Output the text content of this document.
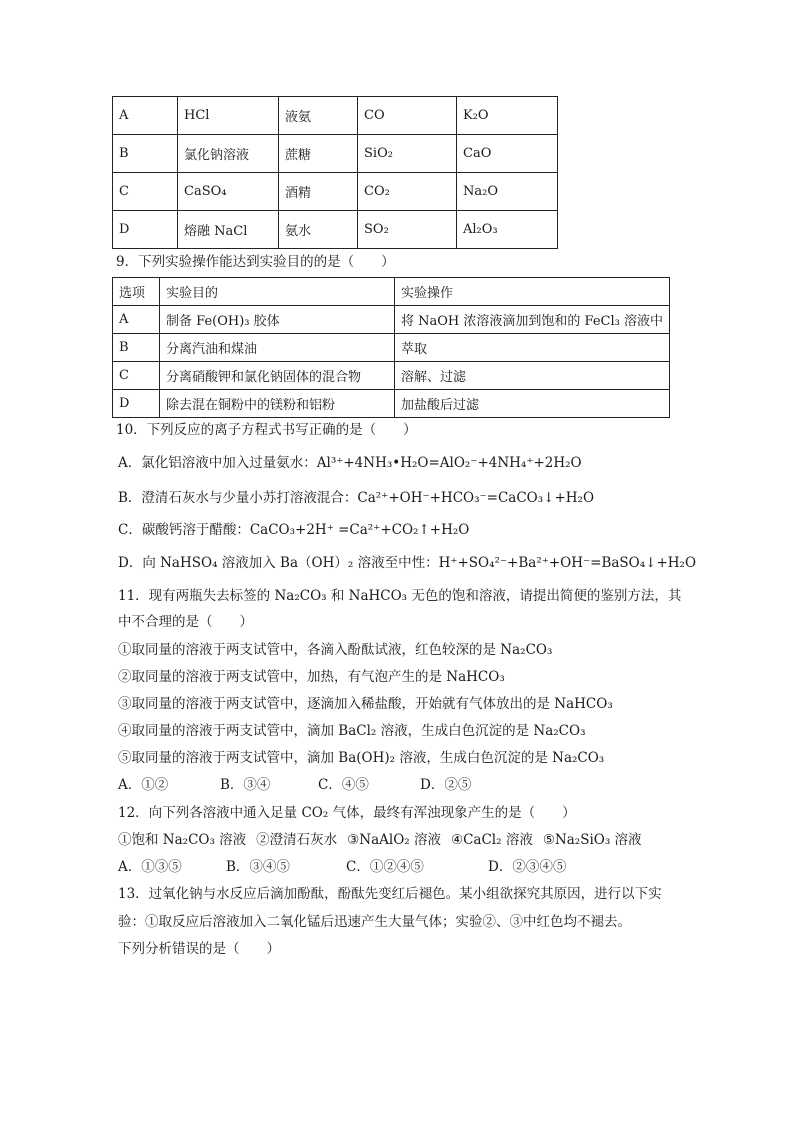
A	HCl	液氨	CO	K₂O
B	氯化钠溶液	蔗糖	SiO₂	CaO
C	CaSO₄	酒精	CO₂	Na₂O
D	熔融 NaCl	氨水	SO₂	Al₂O₃
9．下列实验操作能达到实验目的的是（　　）
选项	实验目的	实验操作
A	制备 Fe(OH)₃ 胶体	将 NaOH 浓溶液滴加到饱和的 FeCl₃ 溶液中
B	分离汽油和煤油	萃取
C	分离硝酸钾和氯化钠固体的混合物	溶解、过滤
D	除去混在铜粉中的镁粉和铝粉	加盐酸后过滤
10．下列反应的离子方程式书写正确的是（　　）
A．氯化铝溶液中加入过量氨水：Al³⁺+4NH₃•H₂O=AlO₂⁻+4NH₄⁺+2H₂O
B．澄清石灰水与少量小苏打溶液混合：Ca²⁺+OH⁻+HCO₃⁻=CaCO₃↓+H₂O
C．碳酸钙溶于醋酸：CaCO₃+2H⁺ =Ca²⁺+CO₂↑+H₂O
D．向 NaHSO₄ 溶液加入 Ba（OH）₂ 溶液至中性：H⁺+SO₄²⁻+Ba²⁺+OH⁻=BaSO₄↓+H₂O
11．现有两瓶失去标签的 Na₂CO₃ 和 NaHCO₃ 无色的饱和溶液，请提出简便的鉴别方法，其
中不合理的是（　　）
①取同量的溶液于两支试管中，各滴入酚酞试液，红色较深的是 Na₂CO₃
②取同量的溶液于两支试管中，加热，有气泡产生的是 NaHCO₃
③取同量的溶液于两支试管中，逐滴加入稀盐酸，开始就有气体放出的是 NaHCO₃
④取同量的溶液于两支试管中，滴加 BaCl₂ 溶液，生成白色沉淀的是 Na₂CO₃
⑤取同量的溶液于两支试管中，滴加 Ba(OH)₂ 溶液，生成白色沉淀的是 Na₂CO₃
A．①②	B．③④	C．④⑤	D．②⑤
12．向下列各溶液中通入足量 CO₂ 气体，最终有浑浊现象产生的是（　　）
①饱和 Na₂CO₃ 溶液 ②澄清石灰水 ③NaAlO₂ 溶液 ④CaCl₂ 溶液 ⑤Na₂SiO₃ 溶液
A．①③⑤	B．③④⑤	C．①②④⑤	D．②③④⑤
13．过氧化钠与水反应后滴加酚酞，酚酞先变红后褪色。某小组欲探究其原因，进行以下实
验：①取反应后溶液加入二氧化锰后迅速产生大量气体；实验②、③中红色均不褪去。
下列分析错误的是（　　）
